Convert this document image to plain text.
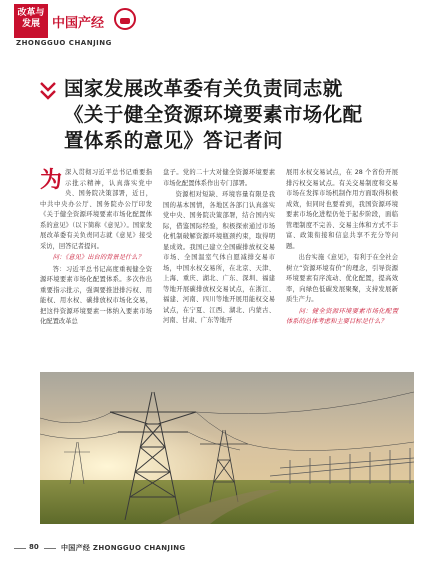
改革与发展 中国产经
ZHONGGUO CHANJING
国家发展改革委有关负责同志就
《关于健全资源环境要素市场化配
置体系的意见》答记者问

为深入贯彻习近平总书记重要指示批示精神，认真落实党中央、国务院决策部署，近日，中共中央办公厅、国务院办公厅印发《关于健全资源环境要素市场化配置体系的意见》（以下简称《意见》）。国家发展改革委有关负责同志就《意见》接受采访，回答记者提问。

问：《意见》出台的背景是什么？

答：习近平总书记高度重视健全资源环境要素市场化配置体系。多次作出重要指示批示，强调要推进排污权、用能权、用水权、碳排放权市场化交易，把这件资源环境要素一体纳入要素市场化配置改革总

盘子。党的二十大对健全资源环境要素市场化配置体系作出专门部署。

资源相对短缺、环境容量有限是我国的基本国情，各地区各部门认真落实党中央、国务院决策部署，结合国内实际，借鉴国际经验，积极探索通过市场化机制破解资源环境瓶颈约束，取得明显成效。我国已建立全国碳排放权交易市场、全国温室气体自愿减排交易市场，中国水权交易所，在北京、天津、上海、重庆、湖北、广东、深圳、福建等地开展碳排放权交易试点，在浙江、福建、河南、四川等地开展用能权交易试点，在宁夏、江西、湖北、内蒙古、河南、甘肃、广东等地开

展用水权交易试点，在 28 个省份开展排污权交易试点。有关交易制度和交易市场在发挥市场机制作用方面取得积极成效，但同时也要看到，我国资源环境要素市场化进程仍处于起步阶段，面临管理制度不完善、交易主体和方式不丰富、政策衔接和信息共享不充分等问题。

出台实施《意见》，有利于在全社会树立“资源环境有价”的理念，引导资源环境要素有序流动、优化配置，提高效率，向绿色低碳发展聚聚，支持发展新质生产力。

问：健全资源环境要素市场化配置体系的总体考虑和主要目标是什么？

80	中国产经 ZHONGGUO CHANJING
